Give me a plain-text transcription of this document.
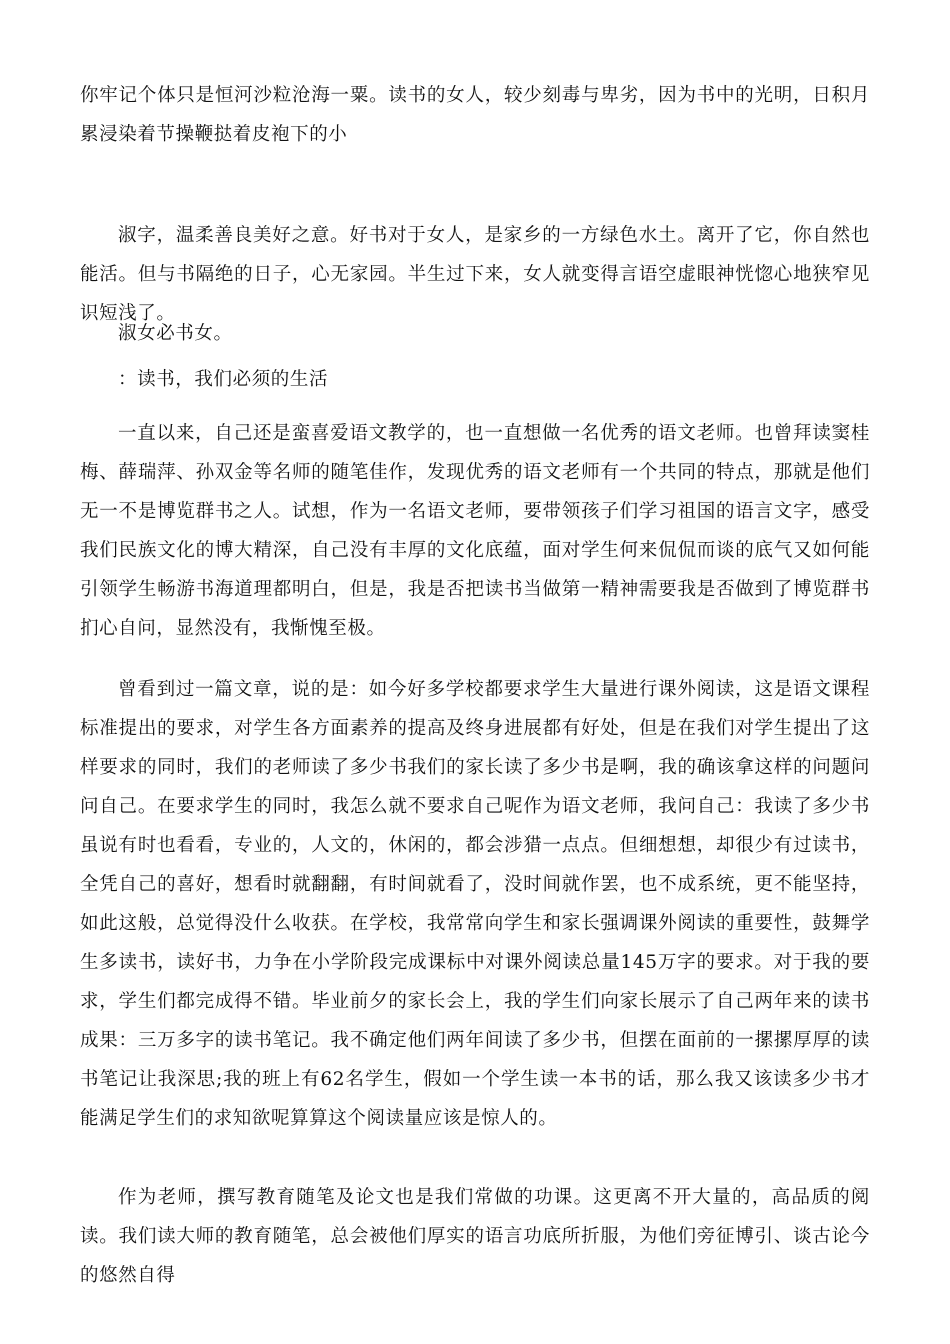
你牢记个体只是恒河沙粒沧海一粟。读书的女人，较少刻毒与卑劣，因为书中的光明，日积月累浸染着节操鞭挞着皮袍下的小

淑字，温柔善良美好之意。好书对于女人，是家乡的一方绿色水土。离开了它，你自然也能活。但与书隔绝的日子，心无家园。半生过下来，女人就变得言语空虚眼神恍惚心地狭窄见识短浅了。

淑女必书女。

：读书，我们必须的生活

一直以来，自己还是蛮喜爱语文教学的，也一直想做一名优秀的语文老师。也曾拜读窦桂梅、薛瑞萍、孙双金等名师的随笔佳作，发现优秀的语文老师有一个共同的特点，那就是他们无一不是博览群书之人。试想，作为一名语文老师，要带领孩子们学习祖国的语言文字，感受我们民族文化的博大精深，自己没有丰厚的文化底蕴，面对学生何来侃侃而谈的底气又如何能引领学生畅游书海道理都明白，但是，我是否把读书当做第一精神需要我是否做到了博览群书扪心自问，显然没有，我惭愧至极。

曾看到过一篇文章，说的是：如今好多学校都要求学生大量进行课外阅读，这是语文课程标准提出的要求，对学生各方面素养的提高及终身进展都有好处，但是在我们对学生提出了这样要求的同时，我们的老师读了多少书我们的家长读了多少书是啊，我的确该拿这样的问题问问自己。在要求学生的同时，我怎么就不要求自己呢作为语文老师，我问自己：我读了多少书虽说有时也看看，专业的，人文的，休闲的，都会涉猎一点点。但细想想，却很少有过读书，全凭自己的喜好，想看时就翻翻，有时间就看了，没时间就作罢，也不成系统，更不能坚持，如此这般，总觉得没什么收获。在学校，我常常向学生和家长强调课外阅读的重要性，鼓舞学生多读书，读好书，力争在小学阶段完成课标中对课外阅读总量145万字的要求。对于我的要求，学生们都完成得不错。毕业前夕的家长会上，我的学生们向家长展示了自己两年来的读书成果：三万多字的读书笔记。我不确定他们两年间读了多少书，但摆在面前的一摞摞厚厚的读书笔记让我深思;我的班上有62名学生，假如一个学生读一本书的话，那么我又该读多少书才能满足学生们的求知欲呢算算这个阅读量应该是惊人的。

作为老师，撰写教育随笔及论文也是我们常做的功课。这更离不开大量的，高品质的阅读。我们读大师的教育随笔，总会被他们厚实的语言功底所折服，为他们旁征博引、谈古论今的悠然自得
